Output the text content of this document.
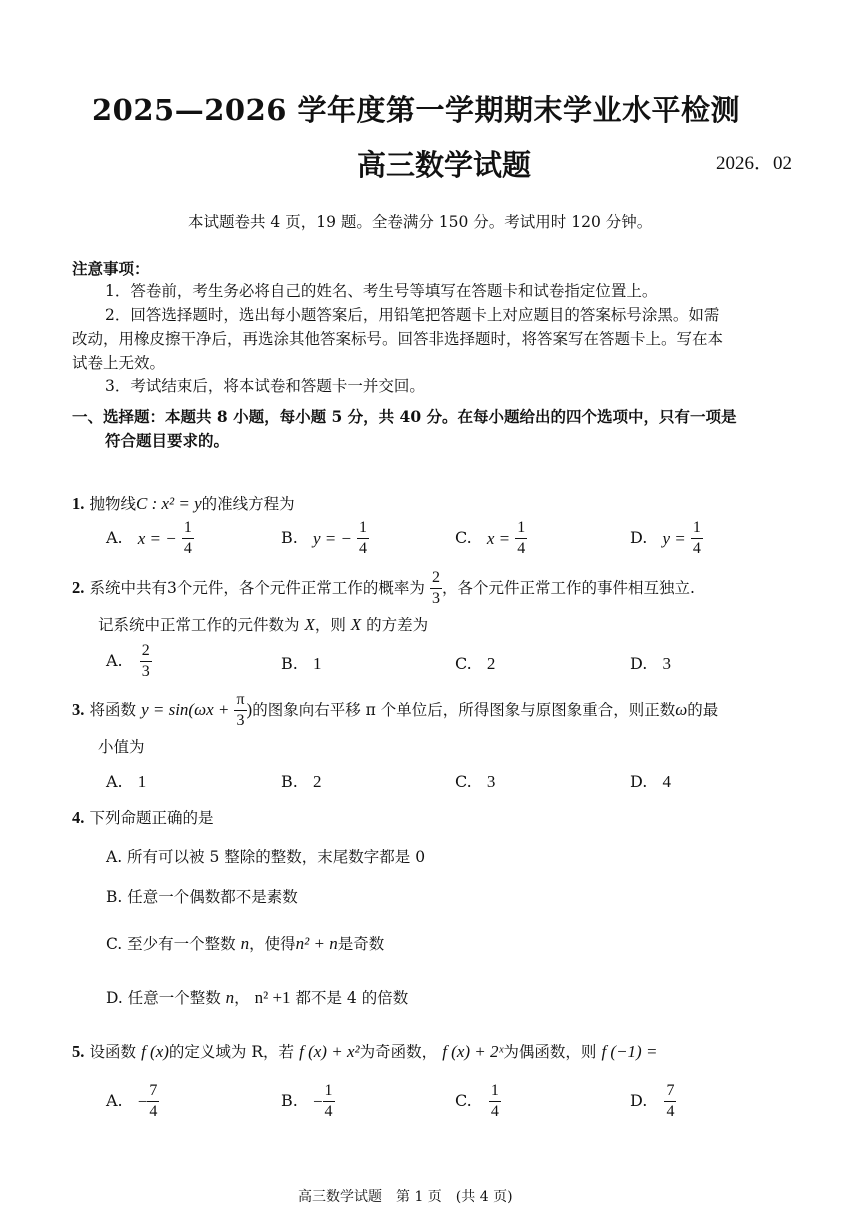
2025—2026 学年度第一学期期末学业水平检测
高三数学试题	2026．02
本试题卷共 4 页，19 题。全卷满分 150 分。考试用时 120 分钟。
注意事项：
1．答卷前，考生务必将自己的姓名、考生号等填写在答题卡和试卷指定位置上。
2．回答选择题时，选出每小题答案后，用铅笔把答题卡上对应题目的答案标号涂黑。如需
改动，用橡皮擦干净后，再选涂其他答案标号。回答非选择题时，将答案写在答题卡上。写在本
试卷上无效。
3．考试结束后，将本试卷和答题卡一并交回。
一、选择题：本题共 8 小题，每小题 5 分，共 40 分。在每小题给出的四个选项中，只有一项是
符合题目要求的。
1. 抛物线C : x² = y的准线方程为
A. x = − $\frac{1}{4}$	B. y = − $\frac{1}{4}$	C. $x = \frac{1}{4}$	D. $y = \frac{1}{4}$
2. 系统中共有3个元件，各个元件正常工作的概率为 $\frac{2}{3}$ ，各个元件正常工作的事件相互独立.
记系统中正常工作的元件数为 X，则 X 的方差为
A. $\frac{2}{3}$	B. 1	C. 2	D. 3
3. 将函数 $y = \sin(\omega x + \frac{\pi}{3}$ )的图象向右平移 π 个单位后，所得图象与原图象重合，则正数ω的最
小值为
A. 1	B. 2	C. 3	D. 4
4. 下列命题正确的是
A. 所有可以被 5 整除的整数，末尾数字都是 0
B. 任意一个偶数都不是素数
C. 至少有一个整数 n，使得n² + n是奇数
D. 任意一个整数 n， n² +1 都不是 4 的倍数
5. 设函数 f (x)的定义域为 R，若 f (x) + x²为奇函数， f (x) + 2ˣ为偶函数，则 f (−1) =
A. − $\frac{7}{4}$	B. − $\frac{1}{4}$	C. $\frac{1}{4}$	D. $\frac{7}{4}$
高三数学试题　第 1 页　(共 4 页)
